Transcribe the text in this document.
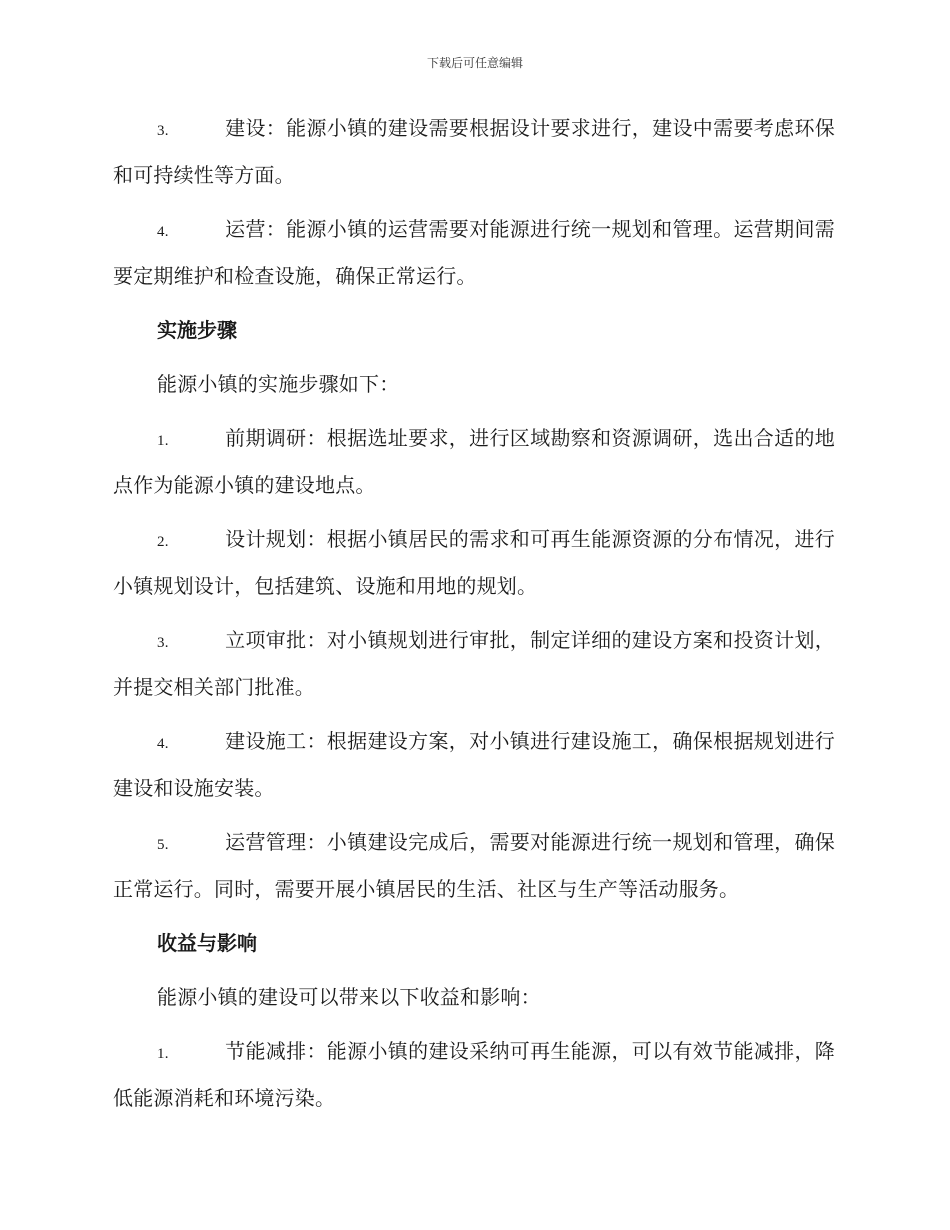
下载后可任意编辑

3.	建设：能源小镇的建设需要根据设计要求进行，建设中需要考虑环保和可持续性等方面。

4.	运营：能源小镇的运营需要对能源进行统一规划和管理。运营期间需要定期维护和检查设施，确保正常运行。

实施步骤

能源小镇的实施步骤如下：

1.	前期调研：根据选址要求，进行区域勘察和资源调研，选出合适的地点作为能源小镇的建设地点。

2.	设计规划：根据小镇居民的需求和可再生能源资源的分布情况，进行小镇规划设计，包括建筑、设施和用地的规划。

3.	立项审批：对小镇规划进行审批，制定详细的建设方案和投资计划，并提交相关部门批准。

4.	建设施工：根据建设方案，对小镇进行建设施工，确保根据规划进行建设和设施安装。

5.	运营管理：小镇建设完成后，需要对能源进行统一规划和管理，确保正常运行。同时，需要开展小镇居民的生活、社区与生产等活动服务。

收益与影响

能源小镇的建设可以带来以下收益和影响：

1.	节能减排：能源小镇的建设采纳可再生能源，可以有效节能减排，降低能源消耗和环境污染。
